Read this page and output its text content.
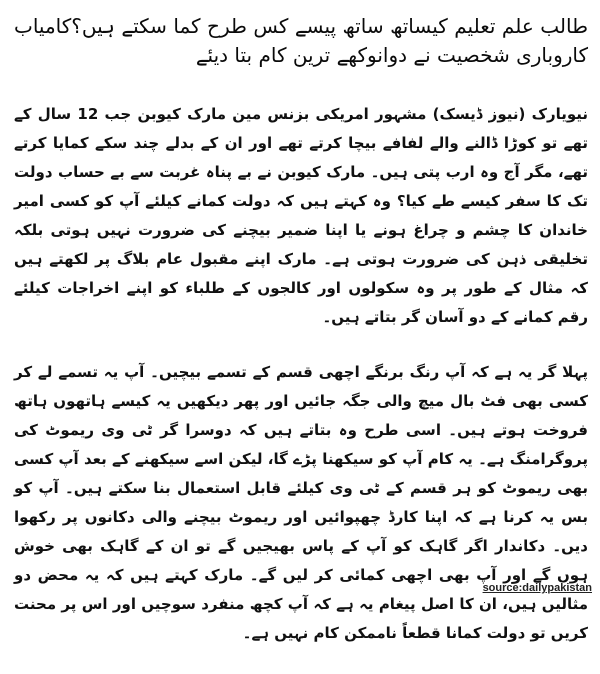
طالب علم تعلیم کیساتھ ساتھ پیسے کس طرح کما سکتے ہیں؟کامیاب کاروباری شخصیت نے دوانوکھے ترین کام بتا دیئے

نیویارک (نیوز ڈیسک) مشہور امریکی بزنس مین مارک کیوبن جب 12 سال کے تھے تو کوڑا ڈالنے والے لفافے بیچا کرتے تھے اور ان کے بدلے چند سکے کمایا کرتے تھے، مگر آج وہ ارب پتی ہیں۔ مارک کیوبن نے بے پناہ غربت سے بے حساب دولت تک کا سفر کیسے طے کیا؟ وہ کہتے ہیں کہ دولت کمانے کیلئے آپ کو کسی امیر خاندان کا چشم و چراغ ہونے یا اپنا ضمیر بیچنے کی ضرورت نہیں ہوتی بلکہ تخلیقی ذہن کی ضرورت ہوتی ہے۔ مارک اپنے مقبول عام بلاگ پر لکھتے ہیں کہ مثال کے طور پر وہ سکولوں اور کالجوں کے طلباء کو اپنے اخراجات کیلئے رقم کمانے کے دو آسان گر بتاتے ہیں۔

پہلا گر یہ ہے کہ آپ رنگ برنگے اچھی قسم کے تسمے بیچیں۔ آپ یہ تسمے لے کر کسی بھی فٹ بال میچ والی جگہ جائیں اور پھر دیکھیں یہ کیسے ہاتھوں ہاتھ فروخت ہوتے ہیں۔ اسی طرح وہ بتاتے ہیں کہ دوسرا گر ٹی وی ریموٹ کی پروگرامنگ ہے۔ یہ کام آپ کو سیکھنا پڑے گا، لیکن اسے سیکھنے کے بعد آپ کسی بھی ریموٹ کو ہر قسم کے ٹی وی کیلئے قابل استعمال بنا سکتے ہیں۔ آپ کو بس یہ کرنا ہے کہ اپنا کارڈ چھپوائیں اور ریموٹ بیچنے والی دکانوں پر رکھوا دیں۔ دکاندار اگر گاہک کو آپ کے پاس بھیجیں گے تو ان کے گاہک بھی خوش ہوں گے اور آپ بھی اچھی کمائی کر لیں گے۔ مارک کہتے ہیں کہ یہ محض دو مثالیں ہیں، ان کا اصل پیغام یہ ہے کہ آپ کچھ منفرد سوچیں اور اس پر محنت کریں تو دولت کمانا قطعاً ناممکن کام نہیں ہے۔

source:dailypakistan
